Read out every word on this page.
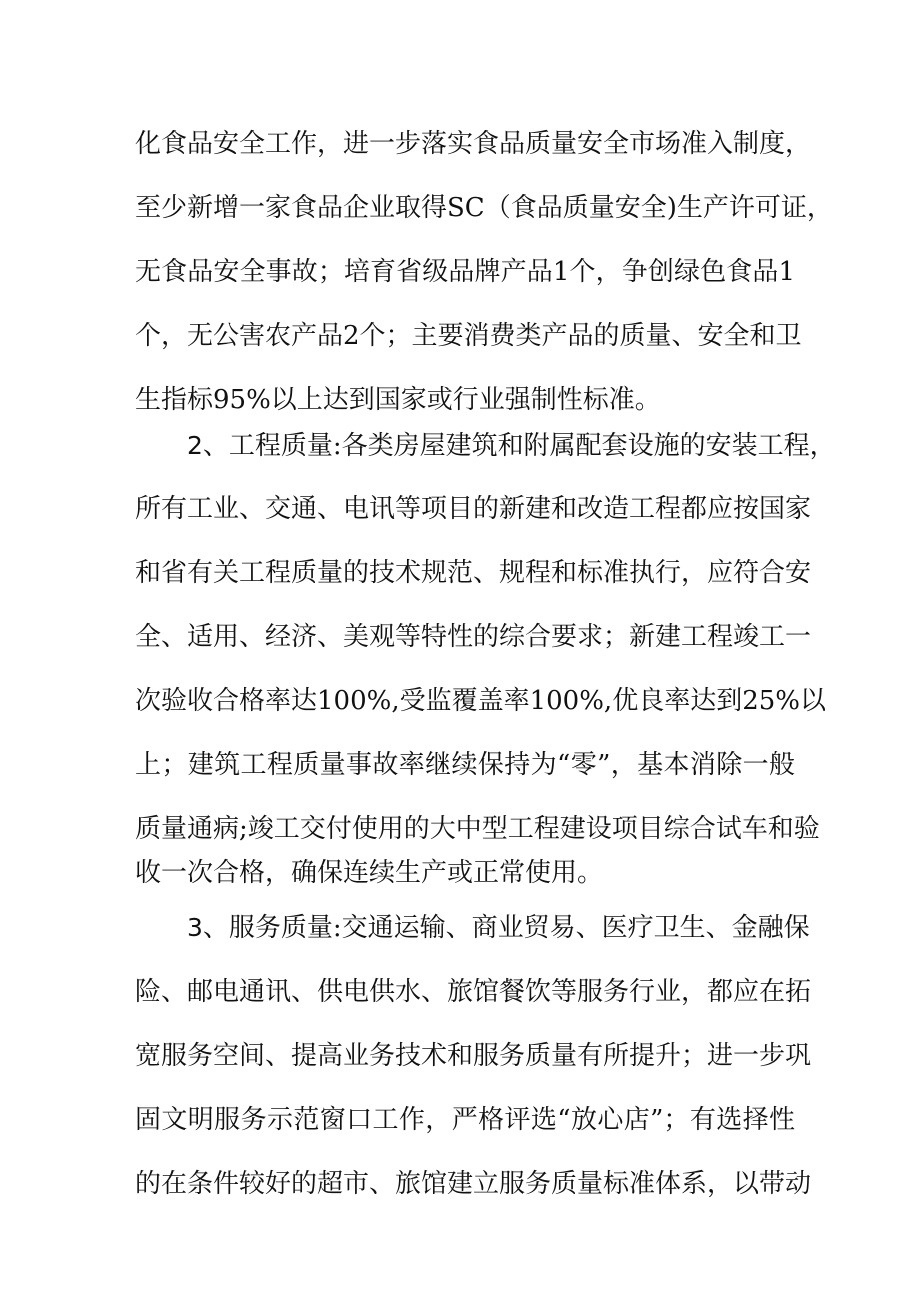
化食品安全工作，进一步落实食品质量安全市场准入制度，
至少新增一家食品企业取得SC（食品质量安全)生产许可证，
无食品安全事故；培育省级品牌产品1个，争创绿色食品1
个，无公害农产品2个；主要消费类产品的质量、安全和卫
生指标95%以上达到国家或行业强制性标准。
2、工程质量:各类房屋建筑和附属配套设施的安装工程，
所有工业、交通、电讯等项目的新建和改造工程都应按国家
和省有关工程质量的技术规范、规程和标准执行，应符合安
全、适用、经济、美观等特性的综合要求；新建工程竣工一
次验收合格率达100%,受监覆盖率100%,优良率达到25%以
上；建筑工程质量事故率继续保持为“零”，基本消除一般
质量通病;竣工交付使用的大中型工程建设项目综合试车和验
收一次合格，确保连续生产或正常使用。
3、服务质量:交通运输、商业贸易、医疗卫生、金融保
险、邮电通讯、供电供水、旅馆餐饮等服务行业，都应在拓
宽服务空间、提高业务技术和服务质量有所提升；进一步巩
固文明服务示范窗口工作，严格评选“放心店”；有选择性
的在条件较好的超市、旅馆建立服务质量标准体系，以带动
